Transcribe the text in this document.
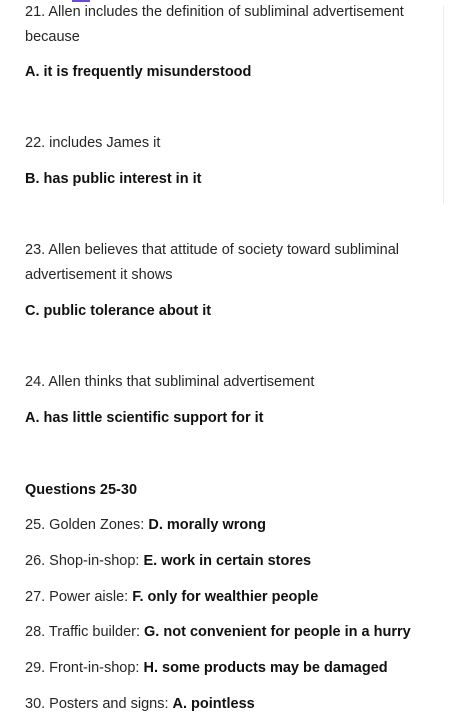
21. Allen includes the definition of subliminal advertisement because
A. it is frequently misunderstood
22. includes James it
B. has public interest in it
23. Allen believes that attitude of society toward subliminal advertisement it shows
C. public tolerance about it
24. Allen thinks that subliminal advertisement
A. has little scientific support for it
Questions 25-30
25. Golden Zones: D. morally wrong
26. Shop-in-shop: E. work in certain stores
27. Power aisle: F. only for wealthier people
28. Traffic builder: G. not convenient for people in a hurry
29. Front-in-shop: H. some products may be damaged
30. Posters and signs: A. pointless
